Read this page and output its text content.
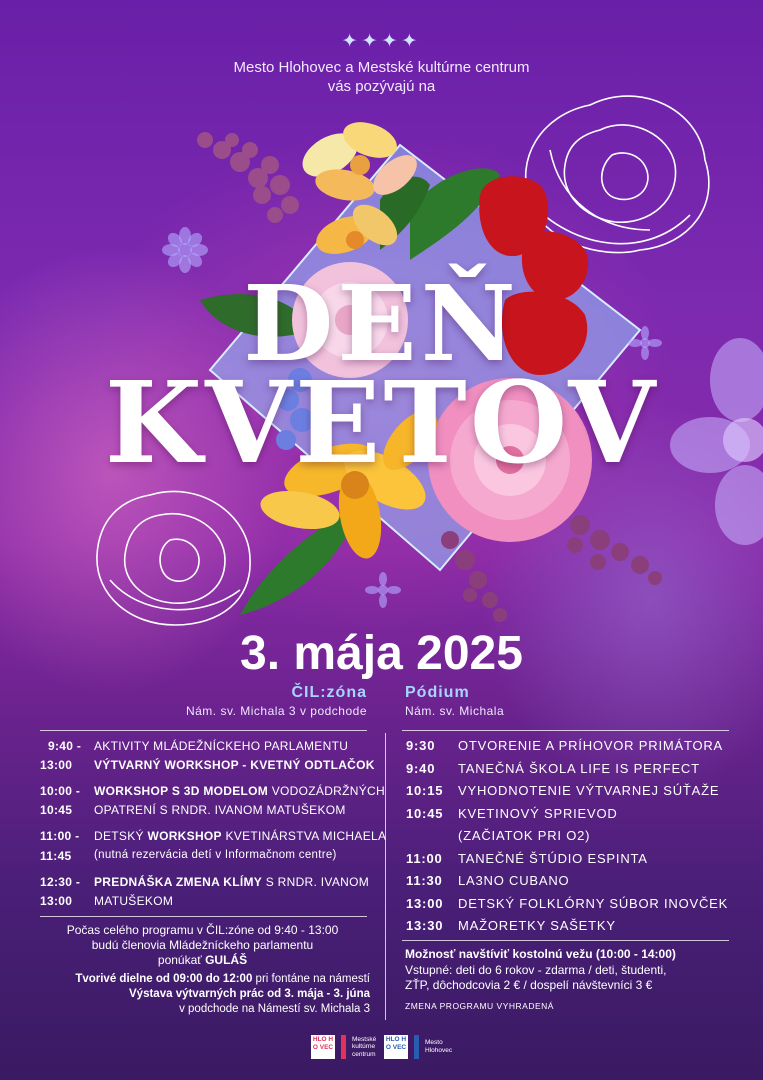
✦✦✦✦
Mesto Hlohovec a Mestské kultúrne centrum
vás pozývajú na
DEŇ
KVETOV
3. mája 2025
ČIL:zóna
Nám. sv. Michala 3 v podchode
Pódium
Nám. sv. Michala
9:40 - AKTIVITY MLÁDEŽNÍCKEHO PARLAMENTU
13:00 VÝTVARNÝ WORKSHOP - KVETNÝ ODTLAČOK
10:00 - WORKSHOP S 3D MODELOM VODOZÁDRŽNÝCH
10:45 OPATRENÍ S RNDR. IVANOM MATUŠEKOM
11:00 - DETSKÝ WORKSHOP KVETINÁRSTVA MICHAELA
11:45 (nutná rezervácia detí v Informačnom centre)
12:30 - PREDNÁŠKA ZMENA KLÍMY S RNDR. IVANOM
13:00 MATUŠEKOM
Počas celého programu v ČIL:zóne od 9:40 - 13:00
budú členovia Mládežníckeho parlamentu
ponúkať GULÁŠ
Tvorivé dielne od 09:00 do 12:00 pri fontáne na námestí
Výstava výtvarných prác od 3. mája - 3. júna
v podchode na Námestí sv. Michala 3
9:30 OTVORENIE A PRÍHOVOR PRIMÁTORA
9:40 TANEČNÁ ŠKOLA LIFE IS PERFECT
10:15 VYHODNOTENIE VÝTVARNEJ SÚŤAŽE
10:45 KVETINOVÝ SPRIEVOD
(ZAČIATOK PRI O2)
11:00 TANEČNÉ ŠTÚDIO ESPINTA
11:30 LA3NO CUBANO
13:00 DETSKÝ FOLKLÓRNY SÚBOR INOVČEK
13:30 MAŽORETKY SAŠETKY
Možnosť navštíviť kostolnú vežu (10:00 - 14:00)
Vstupné: deti do 6 rokov - zdarma / deti, študenti,
ZŤP, dôchodcovia 2 € / dospelí návštevníci 3 €
ZMENA PROGRAMU VYHRADENÁ
HLO HO VEC
Mestské
kultúrne
centrum
HLO HO VEC
Mesto
Hlohovec
